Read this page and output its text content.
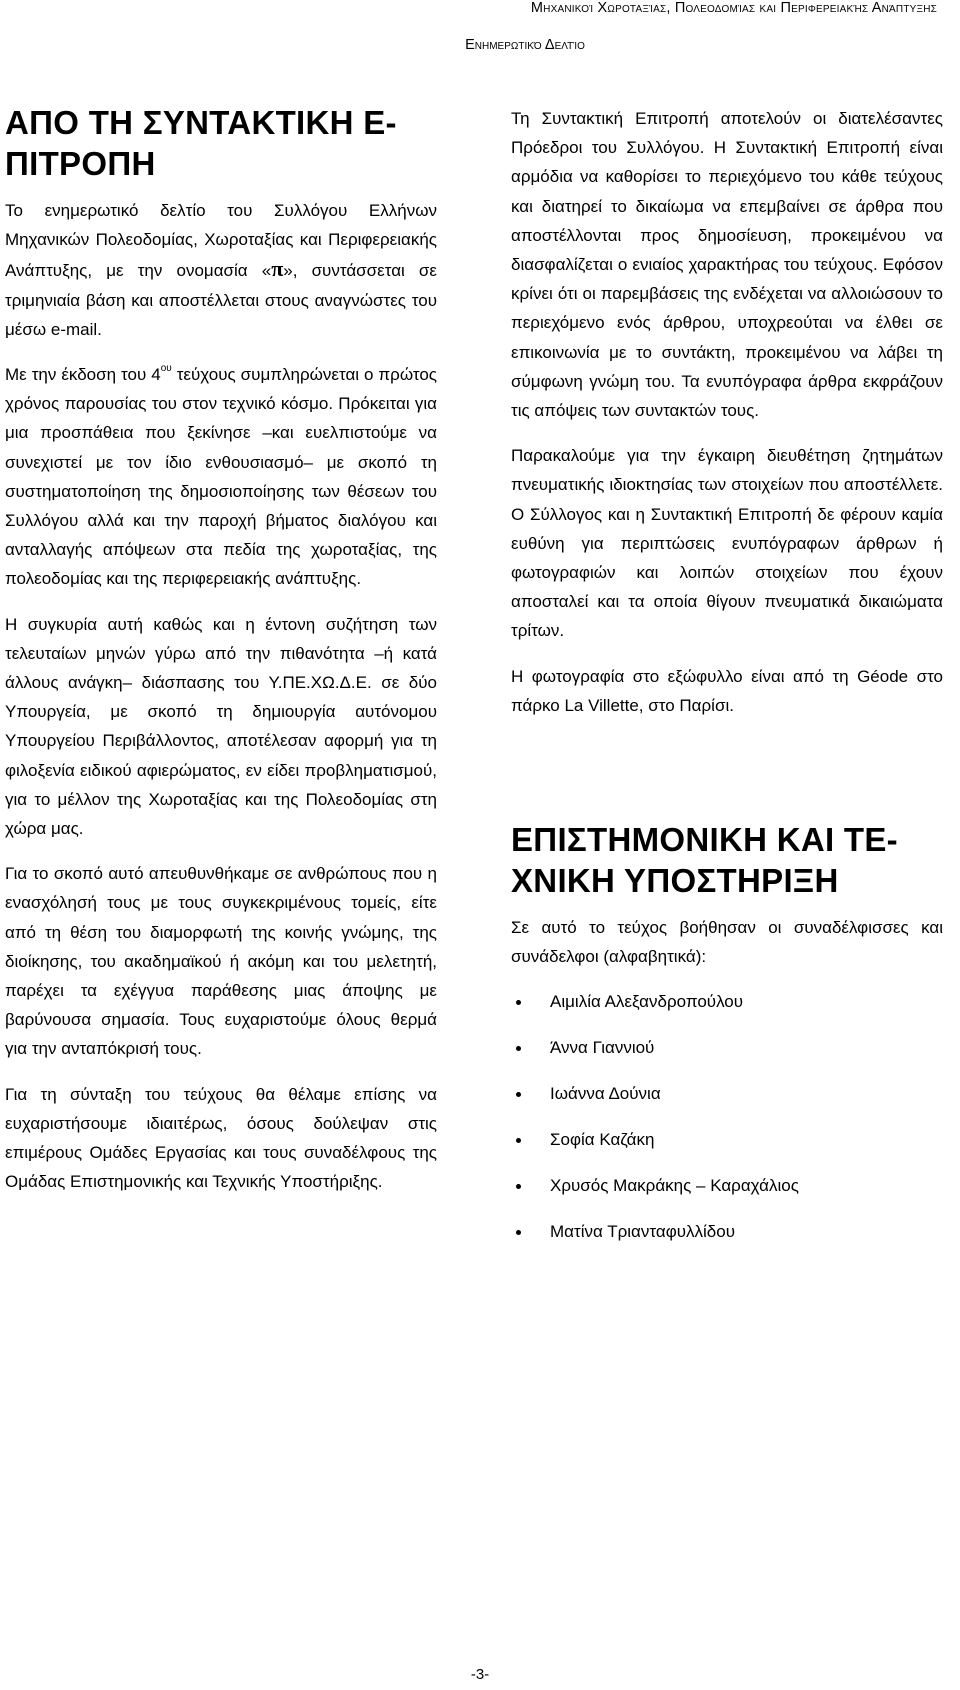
Μηχανικοί Χωροταξίας, Πολεοδομίας και Περιφερειακής Ανάπτυξης
Ενημερωτικό Δελτίο
ΑΠΟ ΤΗ ΣΥΝΤΑΚΤΙΚΗ Ε-ΠΙΤΡΟΠΗ

Το ενημερωτικό δελτίο του Συλλόγου Ελλήνων Μηχανικών Πολεοδομίας, Χωροταξίας και Περιφερειακής Ανάπτυξης, με την ονομασία «π», συντάσσεται σε τριμηνιαία βάση και αποστέλλεται στους αναγνώστες του μέσω e-mail.

Με την έκδοση του $4^{o\upsilon}$ τεύχους συμπληρώνεται ο πρώτος χρόνος παρουσίας του στον τεχνικό κόσμο. Πρόκειται για μια προσπάθεια που ξεκίνησε –και ευελπιστούμε να συνεχιστεί με τον ίδιο ενθουσιασμό– με σκοπό τη συστηματοποίηση της δημοσιοποίησης των θέσεων του Συλλόγου αλλά και την παροχή βήματος διαλόγου και ανταλλαγής απόψεων στα πεδία της χωροταξίας, της πολεοδομίας και της περιφερειακής ανάπτυξης.

Η συγκυρία αυτή καθώς και η έντονη συζήτηση των τελευταίων μηνών γύρω από την πιθανότητα –ή κατά άλλους ανάγκη– διάσπασης του Υ.ΠΕ.ΧΩ.Δ.Ε. σε δύο Υπουργεία, με σκοπό τη δημιουργία αυτόνομου Υπουργείου Περιβάλλοντος, αποτέλεσαν αφορμή για τη φιλοξενία ειδικού αφιερώματος, εν είδει προβληματισμού, για το μέλλον της Χωροταξίας και της Πολεοδομίας στη χώρα μας.

Για το σκοπό αυτό απευθυνθήκαμε σε ανθρώπους που η ενασχόλησή τους με τους συγκεκριμένους τομείς, είτε από τη θέση του διαμορφωτή της κοινής γνώμης, της διοίκησης, του ακαδημαϊκού ή ακόμη και του μελετητή, παρέχει τα εχέγγυα παράθεσης μιας άποψης με βαρύνουσα σημασία. Τους ευχαριστούμε όλους θερμά για την ανταπόκρισή τους.

Για τη σύνταξη του τεύχους θα θέλαμε επίσης να ευχαριστήσουμε ιδιαιτέρως, όσους δούλεψαν στις επιμέρους Ομάδες Εργασίας και τους συναδέλφους της Ομάδας Επιστημονικής και Τεχνικής Υποστήριξης.

Τη Συντακτική Επιτροπή αποτελούν οι διατελέσαντες Πρόεδροι του Συλλόγου. Η Συντακτική Επιτροπή είναι αρμόδια να καθορίσει το περιεχόμενο του κάθε τεύχους και διατηρεί το δικαίωμα να επεμβαίνει σε άρθρα που αποστέλλονται προς δημοσίευση, προκειμένου να διασφαλίζεται ο ενιαίος χαρακτήρας του τεύχους. Εφόσον κρίνει ότι οι παρεμβάσεις της ενδέχεται να αλλοιώσουν το περιεχόμενο ενός άρθρου, υποχρεούται να έλθει σε επικοινωνία με το συντάκτη, προκειμένου να λάβει τη σύμφωνη γνώμη του. Τα ενυπόγραφα άρθρα εκφράζουν τις απόψεις των συντακτών τους.

Παρακαλούμε για την έγκαιρη διευθέτηση ζητημάτων πνευματικής ιδιοκτησίας των στοιχείων που αποστέλλετε. Ο Σύλλογος και η Συντακτική Επιτροπή δε φέρουν καμία ευθύνη για περιπτώσεις ενυπόγραφων άρθρων ή φωτογραφιών και λοιπών στοιχείων που έχουν αποσταλεί και τα οποία θίγουν πνευματικά δικαιώματα τρίτων.

Η φωτογραφία στο εξώφυλλο είναι από τη Géode στο πάρκο La Villette, στο Παρίσι.

ΕΠΙΣΤΗΜΟΝΙΚΗ ΚΑΙ ΤΕ-ΧΝΙΚΗ ΥΠΟΣΤΗΡΙΞΗ

Σε αυτό το τεύχος βοήθησαν οι συναδέλφισσες και συνάδελφοι (αλφαβητικά):

Αιμιλία Αλεξανδροπούλου
Άννα Γιαννιού
Ιωάννα Δούνια
Σοφία Καζάκη
Χρυσός Μακράκης – Καραχάλιος
Ματίνα Τριανταφυλλίδου
-3-
